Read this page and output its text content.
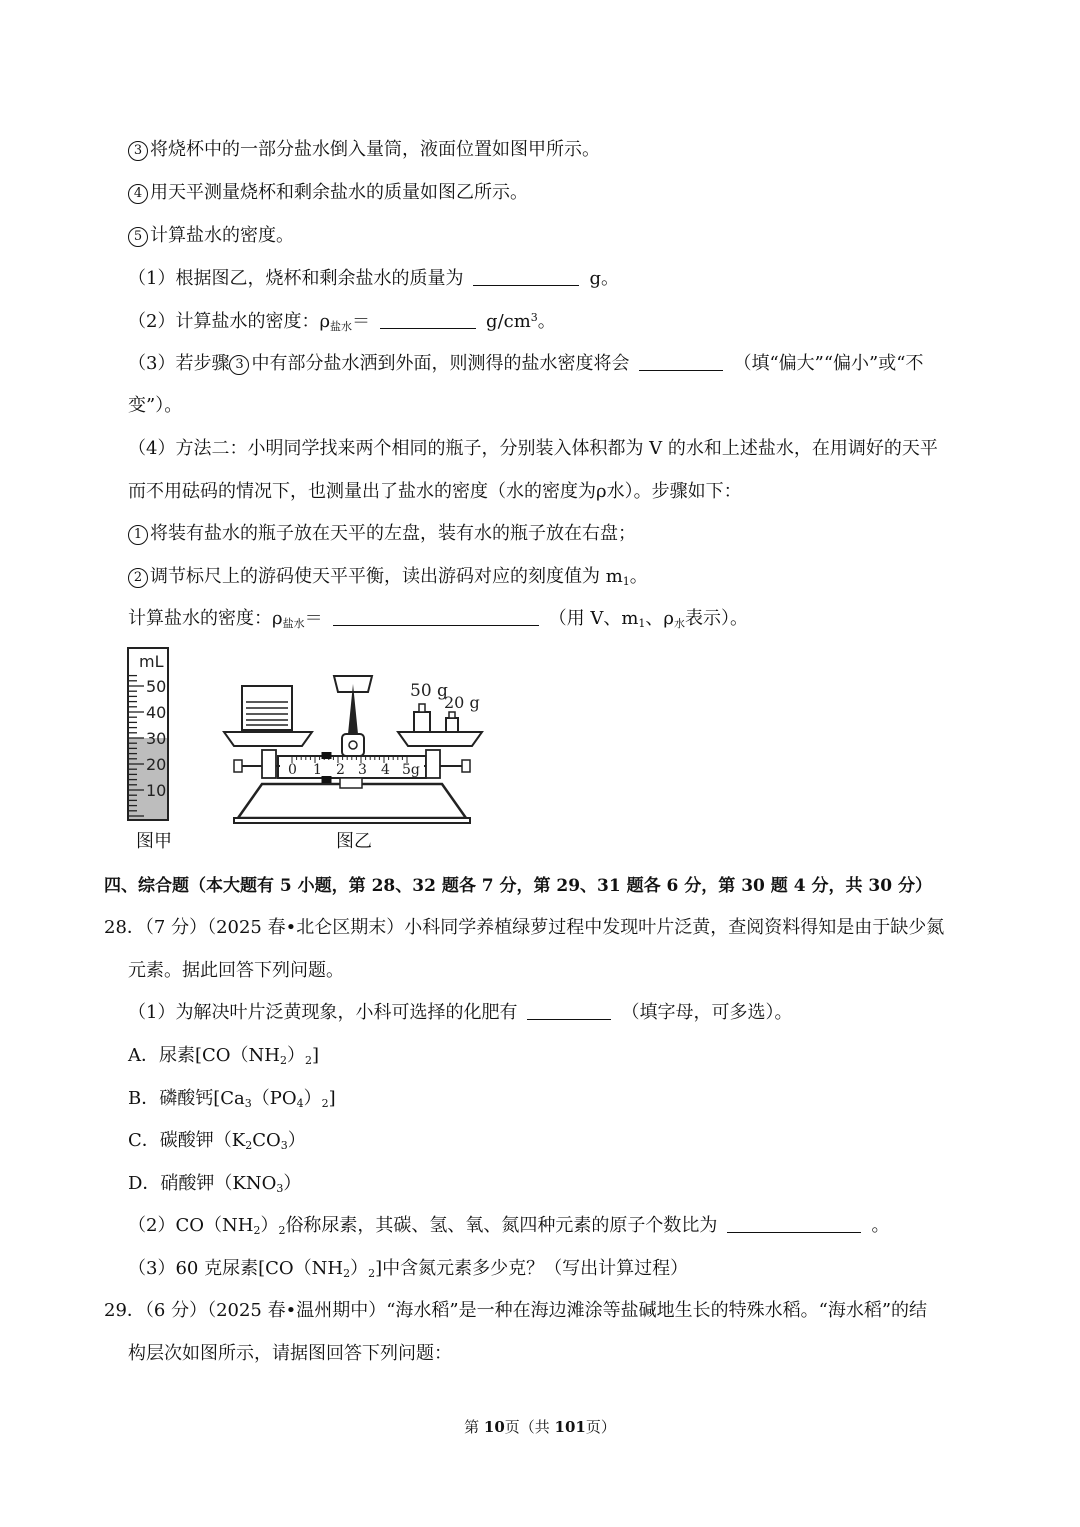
3 将烧杯中的一部分盐水倒入量筒，液面位置如图甲所示。
4 用天平测量烧杯和剩余盐水的质量如图乙所示。
5 计算盐水的密度。
（1）根据图乙，烧杯和剩余盐水的质量为	g。
（2）计算盐水的密度：$\rho_{盐水}=$	$g/cm^3$。
（3）若步骤 3 中有部分盐水洒到外面，则测得的盐水密度将会	（填“偏大”“偏小”或“不
变”）。
（4）方法二：小明同学找来两个相同的瓶子，分别装入体积都为 V 的水和上述盐水，在用调好的天平
而不用砝码的情况下，也测量出了盐水的密度（水的密度为ρ水）。步骤如下：
1 将装有盐水的瓶子放在天平的左盘，装有水的瓶子放在右盘；
2 调节标尺上的游码使天平平衡，读出游码对应的刻度值为 $m_1$。
计算盐水的密度：$\rho_{盐水}=$	（用 V、$m_1$、$\rho_水$表示）。
mL
50
40
30
20
10
图甲
50 g
20 g
0 1 2 3 4 5g
图乙
四、综合题（本大题有 5 小题，第 28、32 题各 7 分，第 29、31 题各 6 分，第 30 题 4 分，共 30 分）
28．（7 分）（2025 春•北仑区期末）小科同学养植绿萝过程中发现叶片泛黄，查阅资料得知是由于缺少氮
元素。据此回答下列问题。
（1）为解决叶片泛黄现象，小科可选择的化肥有	（填字母，可多选）。
A．尿素$[CO(NH_2)_2]$
B．磷酸钙$[Ca_3(PO_4)_2]$
C．碳酸钾$(K_2CO_3)$
D．硝酸钾$(KNO_3)$
$(2)CO(NH_2)_2$俗称尿素，其碳、氢、氧、氮四种元素的原子个数比为	。
（3）60 克尿素$[CO(NH_2)_2]$中含氮元素多少克？（写出计算过程）
29．（6 分）（2025 春•温州期中）“海水稻”是一种在海边滩涂等盐碱地生长的特殊水稻。“海水稻”的结
构层次如图所示，请据图回答下列问题：
第 10页（共 101页）
